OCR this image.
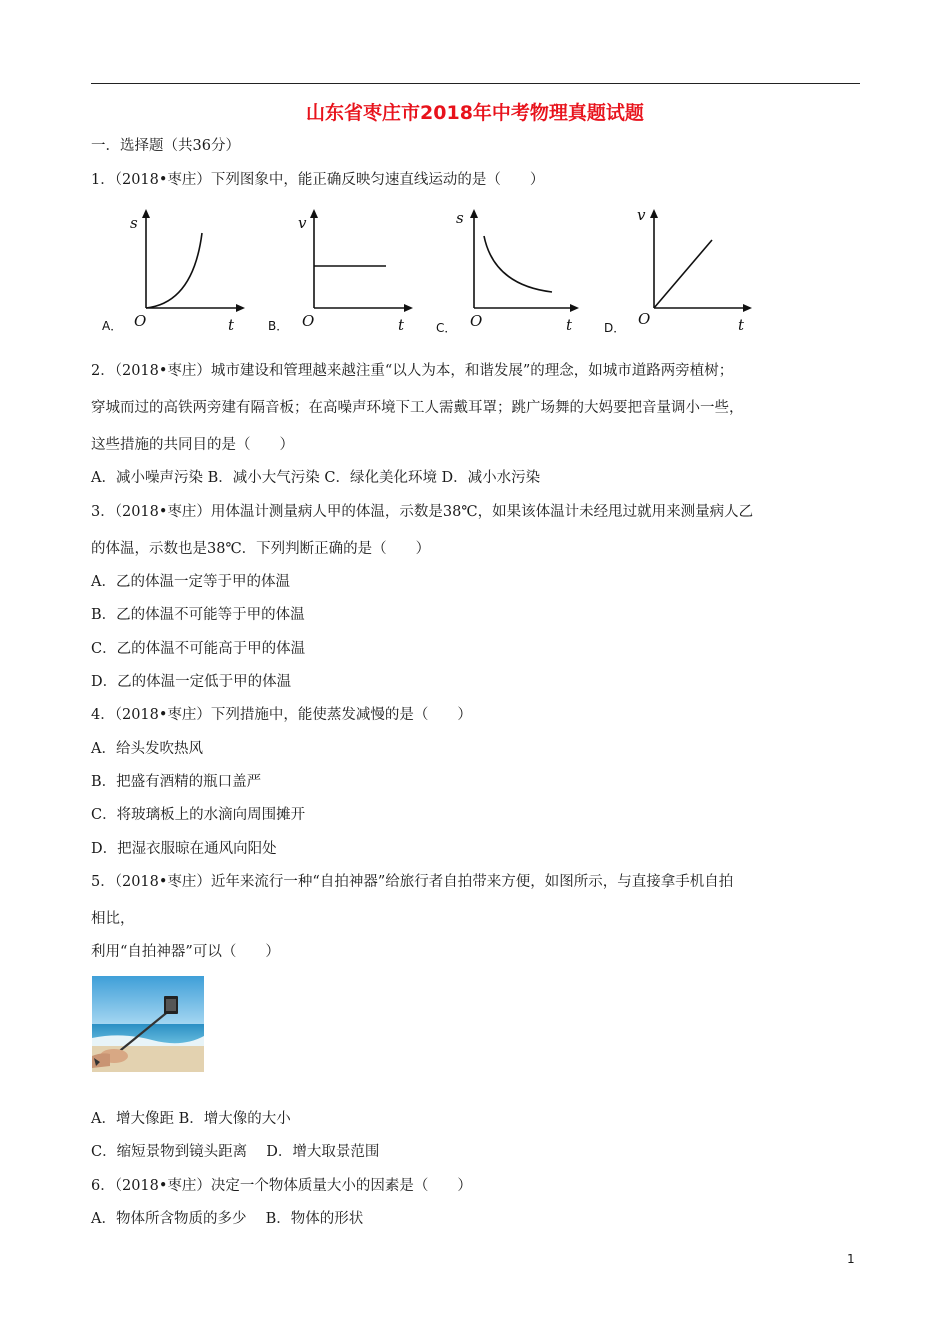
山东省枣庄市2018年中考物理真题试题
一．选择题（共36分）
1．（2018•枣庄）下列图象中，能正确反映匀速直线运动的是（　　）
s
O	t
A．
v
O	t
B．
s
O	t
C．
v
O	t
D．
2．（2018•枣庄）城市建设和管理越来越注重“以人为本，和谐发展”的理念，如城市道路两旁植树；
穿城而过的高铁两旁建有隔音板；在高噪声环境下工人需戴耳罩；跳广场舞的大妈要把音量调小一些，
这些措施的共同目的是（　　）
A．减小噪声污染 B．减小大气污染 C．绿化美化环境 D．减小水污染
3．（2018•枣庄）用体温计测量病人甲的体温，示数是38℃，如果该体温计未经甩过就用来测量病人乙
的体温，示数也是38℃．下列判断正确的是（　　）
A．乙的体温一定等于甲的体温
B．乙的体温不可能等于甲的体温
C．乙的体温不可能高于甲的体温
D．乙的体温一定低于甲的体温
4．（2018•枣庄）下列措施中，能使蒸发减慢的是（　　）
A．给头发吹热风
B．把盛有酒精的瓶口盖严
C．将玻璃板上的水滴向周围摊开
D．把湿衣服晾在通风向阳处
5．（2018•枣庄）近年来流行一种“自拍神器”给旅行者自拍带来方便，如图所示，与直接拿手机自拍
相比，
利用“自拍神器”可以（　　）
A．增大像距 B．增大像的大小
C．缩短景物到镜头距离　 D．增大取景范围
6．（2018•枣庄）决定一个物体质量大小的因素是（　　）
A．物体所含物质的多少　 B．物体的形状
1
